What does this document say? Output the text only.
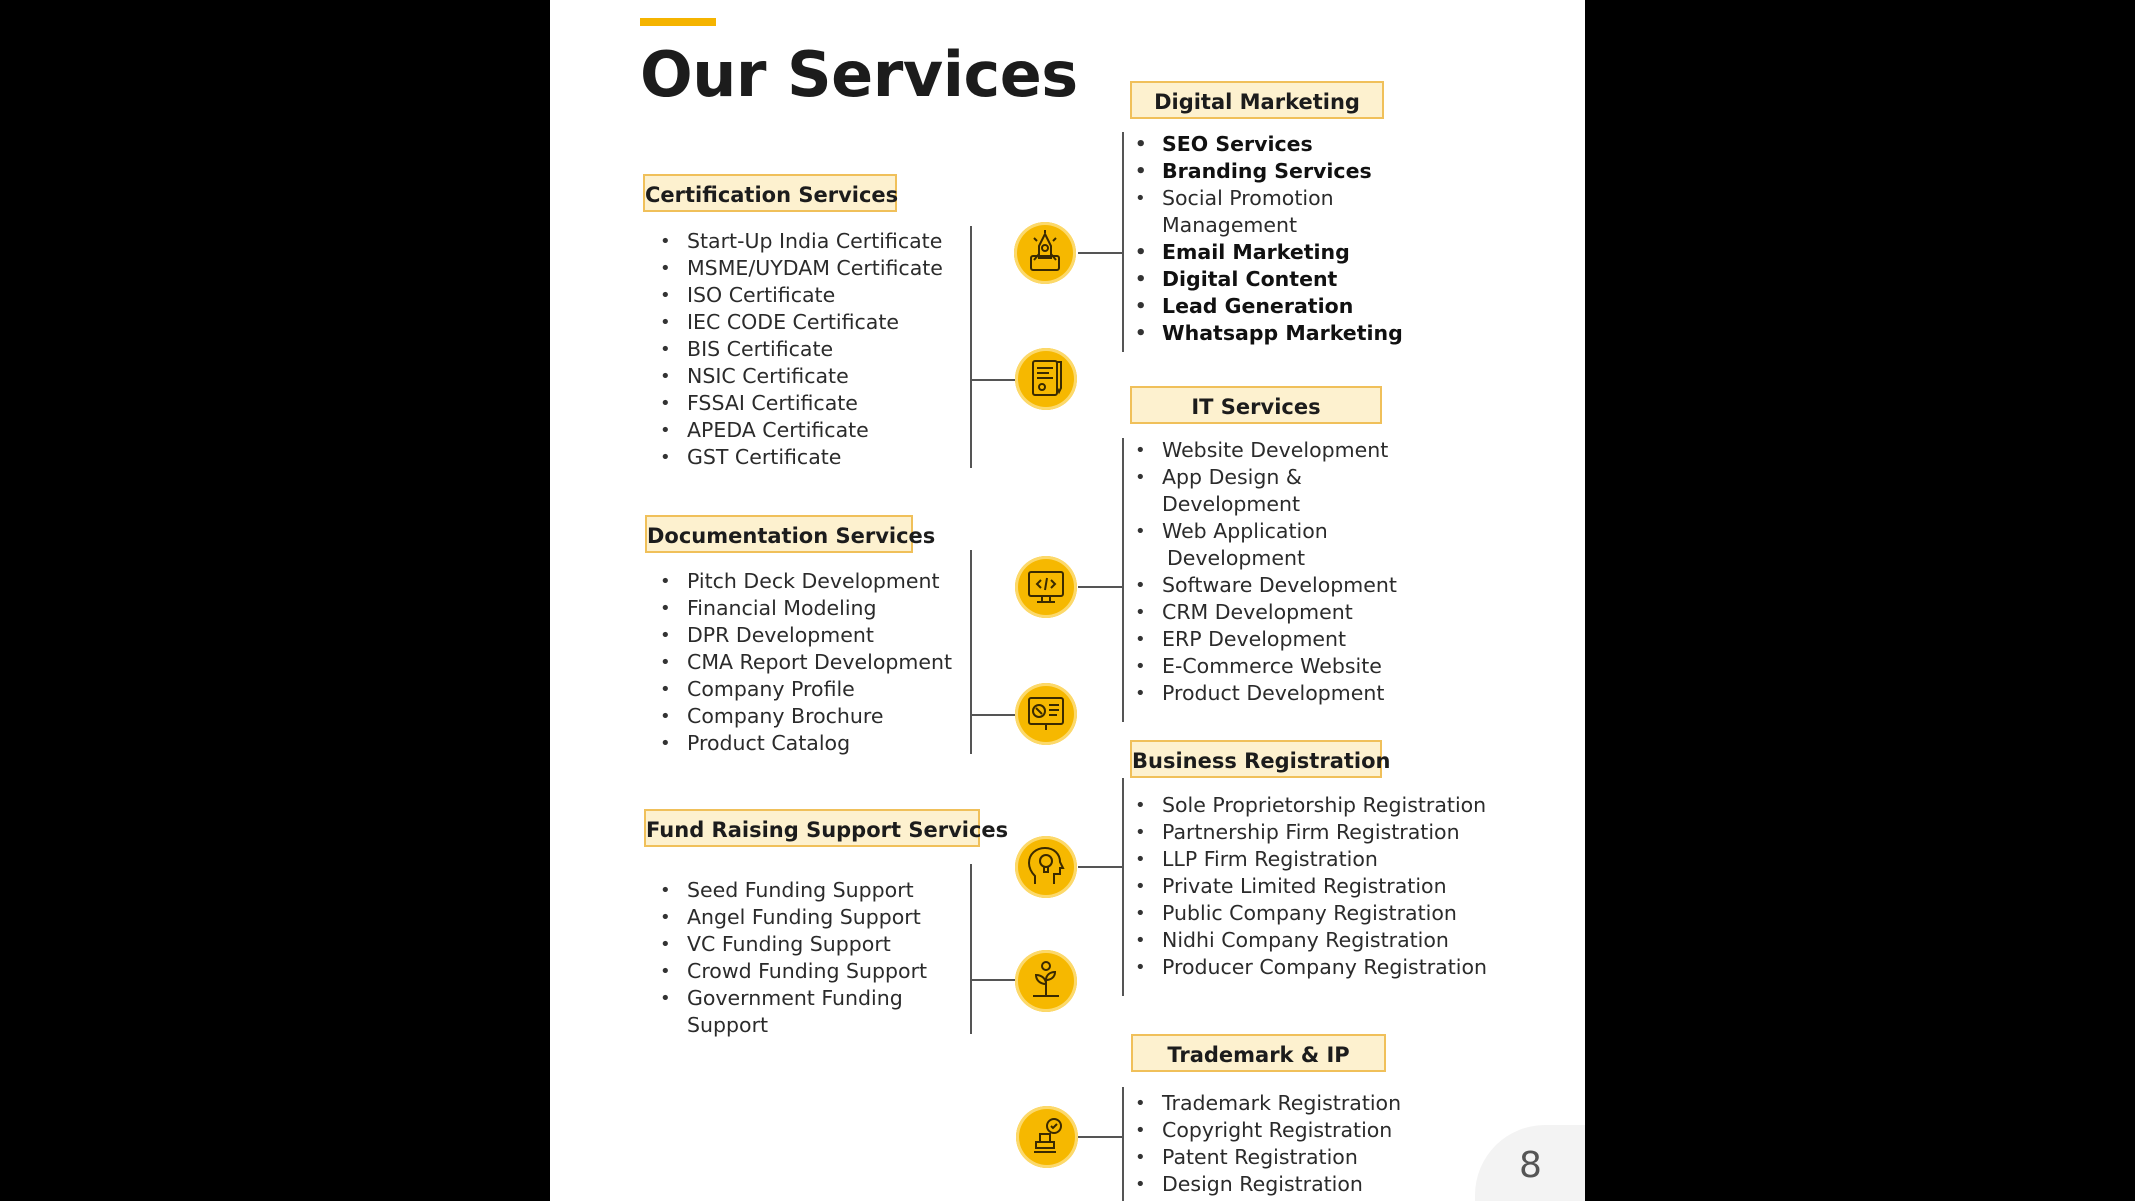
Our Services
Certification Services
• Start-Up India Certificate
• MSME/UYDAM Certificate
• ISO Certificate
• IEC CODE Certificate
• BIS Certificate
• NSIC Certificate
• FSSAI Certificate
• APEDA Certificate
• GST Certificate
Documentation Services
• Pitch Deck Development
• Financial Modeling
• DPR Development
• CMA Report Development
• Company Profile
• Company Brochure
• Product Catalog
Fund Raising Support Services
• Seed Funding Support
• Angel Funding Support
• VC Funding Support
• Crowd Funding Support
• Government Funding
Support
Digital Marketing
• SEO Services
• Branding Services
• Social Promotion
Management
• Email Marketing
• Digital Content
• Lead Generation
• Whatsapp Marketing
IT Services
• Website Development
• App Design &
Development
• Web Application
Development
• Software Development
• CRM Development
• ERP Development
• E-Commerce Website
• Product Development
Business Registration
• Sole Proprietorship Registration
• Partnership Firm Registration
• LLP Firm Registration
• Private Limited Registration
• Public Company Registration
• Nidhi Company Registration
• Producer Company Registration
Trademark & IP
• Trademark Registration
• Copyright Registration
• Patent Registration
• Design Registration	8
